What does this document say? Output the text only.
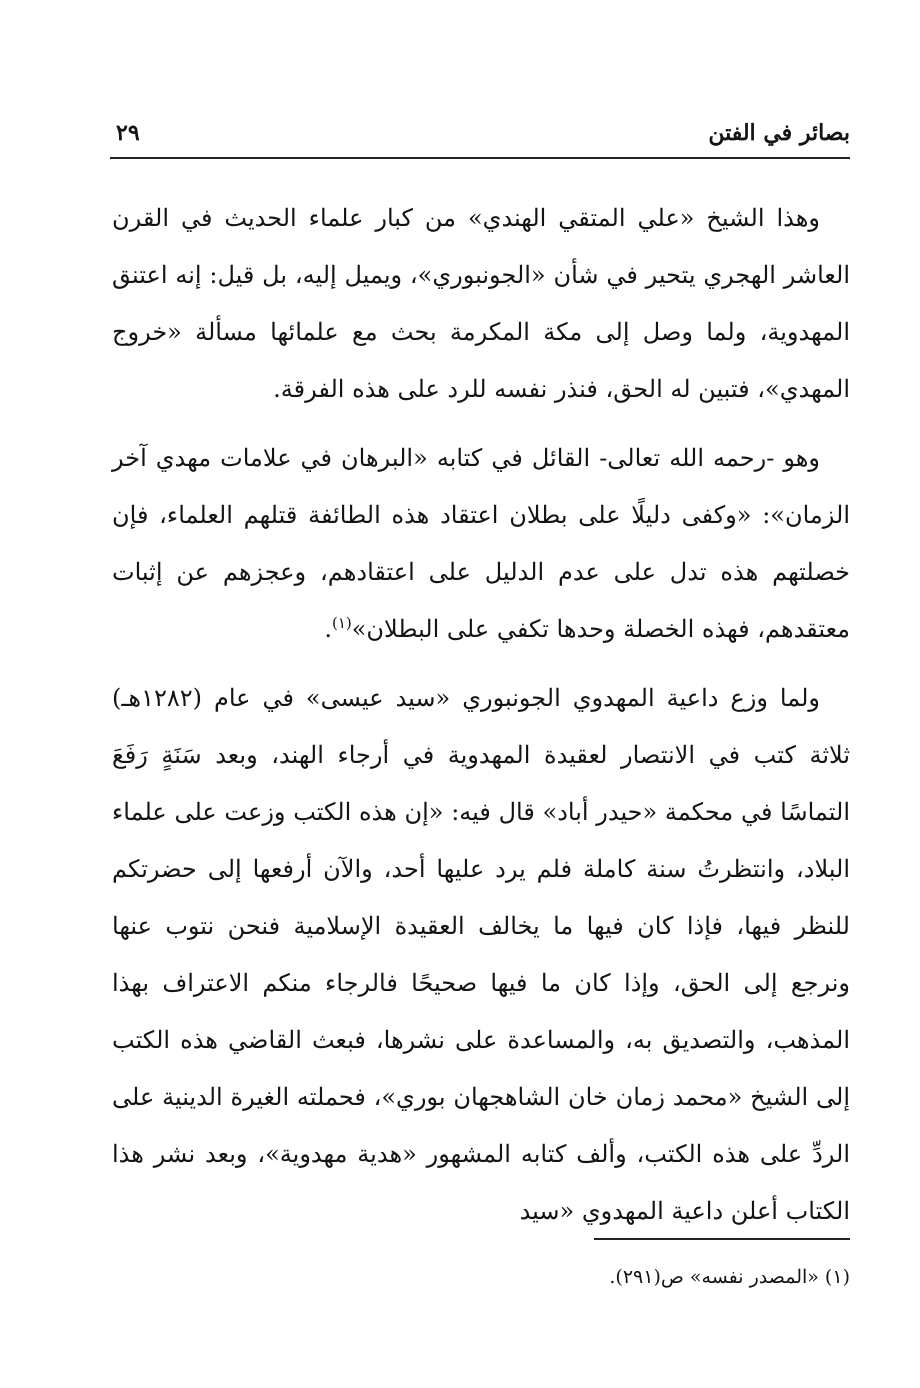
بصائر في الفتن
٢٩

وهذا الشيخ «علي المتقي الهندي» من كبار علماء الحديث في القرن العاشر الهجري يتحير في شأن «الجونبوري»، ويميل إليه، بل قيل: إنه اعتنق المهدوية، ولما وصل إلى مكة المكرمة بحث مع علمائها مسألة «خروج المهدي»، فتبين له الحق، فنذر نفسه للرد على هذه الفرقة.

وهو -رحمه الله تعالى- القائل في كتابه «البرهان في علامات مهدي آخر الزمان»: «وكفى دليلًا على بطلان اعتقاد هذه الطائفة قتلهم العلماء، فإن خصلتهم هذه تدل على عدم الدليل على اعتقادهم، وعجزهم عن إثبات معتقدهم، فهذه الخصلة وحدها تكفي على البطلان»$^{(١)}$.

ولما وزع داعية المهدوي الجونبوري «سيد عيسى» في عام (١٢٨٢هـ) ثلاثة كتب في الانتصار لعقيدة المهدوية في أرجاء الهند، وبعد سَنَةٍ رَفَعَ التماسًا في محكمة «حيدر أباد» قال فيه: «إن هذه الكتب وزعت على علماء البلاد، وانتظرتُ سنة كاملة فلم يرد عليها أحد، والآن أرفعها إلى حضرتكم للنظر فيها، فإذا كان فيها ما يخالف العقيدة الإسلامية فنحن نتوب عنها ونرجع إلى الحق، وإذا كان ما فيها صحيحًا فالرجاء منكم الاعتراف بهذا المذهب، والتصديق به، والمساعدة على نشرها، فبعث القاضي هذه الكتب إلى الشيخ «محمد زمان خان الشاهجهان بوري»، فحملته الغيرة الدينية على الردِّ على هذه الكتب، وألف كتابه المشهور «هدية مهدوية»، وبعد نشر هذا الكتاب أعلن داعية المهدوي «سيد

(١) «المصدر نفسه» ص(٢٩١).
